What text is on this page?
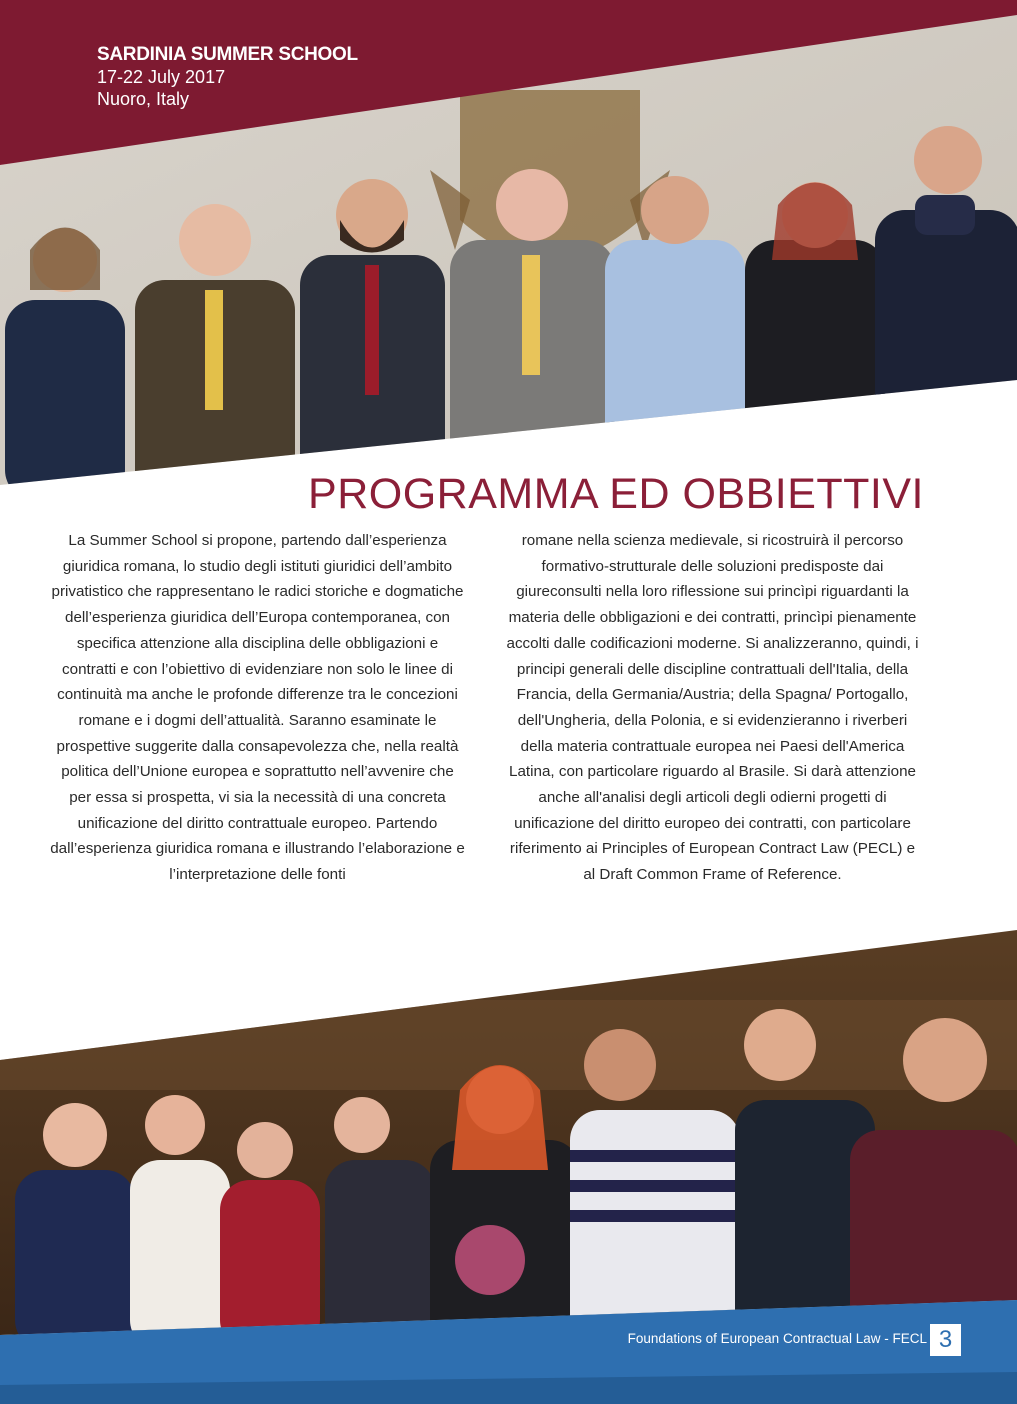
SARDINIA SUMMER SCHOOL
17-22 July 2017
Nuoro, Italy
PROGRAMMA ED OBBIETTIVI

La Summer School si propone, partendo dall’esperienza giuridica romana, lo studio degli istituti giuridici dell’ambito privatistico che rappresentano le radici storiche e dogmatiche dell’esperienza giuridica dell’Europa contemporanea, con specifica attenzione alla disciplina delle obbligazioni e contratti e con l’obiettivo di evidenziare non solo le linee di continuità ma anche le profonde differenze tra le concezioni romane e i dogmi dell’attualità. Saranno esaminate le prospettive suggerite dalla consapevolezza che, nella realtà politica dell’Unione europea e soprattutto nell’avvenire che per essa si prospetta, vi sia la necessità di una concreta unificazione del diritto contrattuale europeo. Partendo dall’esperienza giuridica romana e illustrando l’elaborazione e l’interpretazione delle fonti

romane nella scienza medievale, si ricostruirà il percorso formativo-strutturale delle soluzioni predisposte dai giureconsulti nella loro riflessione sui princìpi riguardanti la materia delle obbligazioni e dei contratti, princìpi pienamente accolti dalle codificazioni moderne. Si analizzeranno, quindi, i principi generali delle discipline contrattuali dell'Italia, della Francia, della Germania/Austria; della Spagna/ Portogallo, dell'Ungheria, della Polonia, e si evidenzieranno i riverberi della materia contrattuale europea nei Paesi dell'America Latina, con particolare riguardo al Brasile. Si darà attenzione anche all'analisi degli articoli degli odierni progetti di unificazione del diritto europeo dei contratti, con particolare riferimento ai Principles of European Contract Law (PECL) e al Draft Common Frame of Reference.

Foundations of European Contractual Law - FECL 3
